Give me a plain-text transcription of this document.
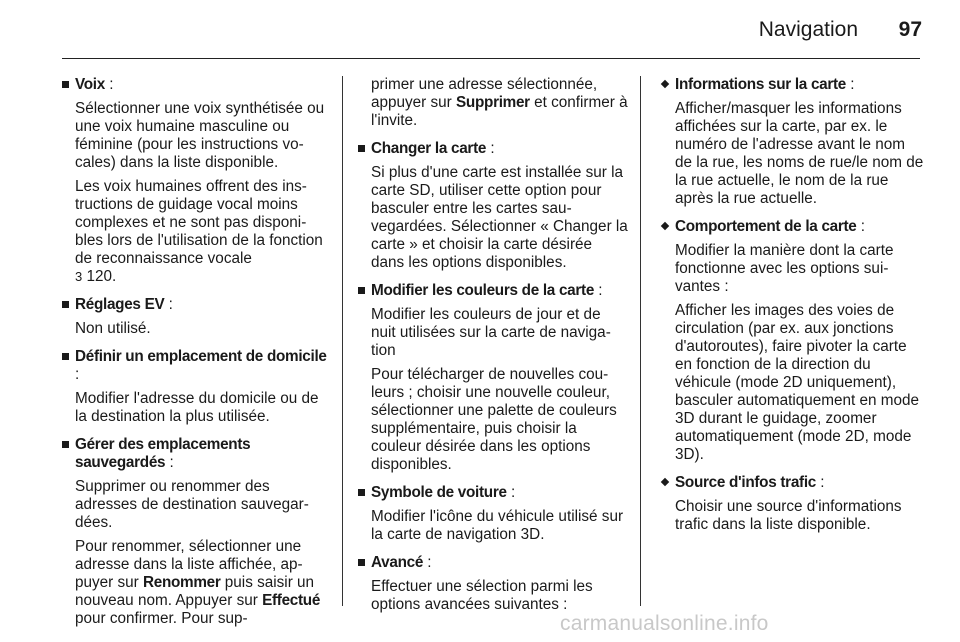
Navigation 97
Voix :

Sélectionner une voix synthétisée ou une voix humaine masculine ou féminine (pour les instructions vocales) dans la liste disponible.

Les voix humaines offrent des instructions de guidage vocal moins complexes et ne sont pas disponibles lors de l'utilisation de la fonction de reconnaissance vocale
3 120.

Réglages EV :

Non utilisé.

Définir un emplacement de domicile :

Modifier l'adresse du domicile ou de la destination la plus utilisée.

Gérer des emplacements sauvegardés :

Supprimer ou renommer des adresses de destination sauvegardées.

Pour renommer, sélectionner une adresse dans la liste affichée, appuyer sur Renommer puis saisir un nouveau nom. Appuyer sur Effectué pour confirmer. Pour sup-

primer une adresse sélectionnée, appuyer sur Supprimer et confirmer à l'invite.
Changer la carte :

Si plus d'une carte est installée sur la carte SD, utiliser cette option pour basculer entre les cartes sauvegardées. Sélectionner « Changer la carte » et choisir la carte désirée dans les options disponibles.

Modifier les couleurs de la carte :

Modifier les couleurs de jour et de nuit utilisées sur la carte de navigation

Pour télécharger de nouvelles couleurs ; choisir une nouvelle couleur, sélectionner une palette de couleurs supplémentaire, puis choisir la couleur désirée dans les options disponibles.

Symbole de voiture :

Modifier l'icône du véhicule utilisé sur la carte de navigation 3D.

Avancé :

Effectuer une sélection parmi les options avancées suivantes :

Informations sur la carte :

Afficher/masquer les informations affichées sur la carte, par ex. le numéro de l'adresse avant le nom de la rue, les noms de rue/le nom de la rue actuelle, le nom de la rue après la rue actuelle.

Comportement de la carte :

Modifier la manière dont la carte fonctionne avec les options suivantes :

Afficher les images des voies de circulation (par ex. aux jonctions d'autoroutes), faire pivoter la carte en fonction de la direction du véhicule (mode 2D uniquement), basculer automatiquement en mode 3D durant le guidage, zoomer automatiquement (mode 2D, mode 3D).

Source d'infos trafic :

Choisir une source d'informations trafic dans la liste disponible.

carmanualsonline.info
